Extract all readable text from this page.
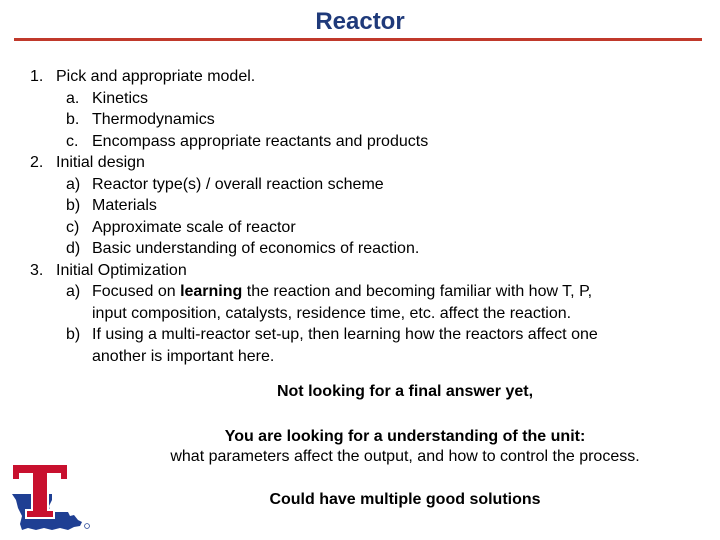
Reactor
1. Pick and appropriate model.
a. Kinetics
b. Thermodynamics
c. Encompass appropriate reactants and products
2. Initial design
a) Reactor type(s) / overall reaction scheme
b) Materials
c) Approximate scale of reactor
d) Basic understanding of economics of reaction.
3. Initial Optimization
a) Focused on learning the reaction and becoming familiar with how T, P,
input composition, catalysts, residence time, etc. affect the reaction.
b) If using a multi-reactor set-up, then learning how the reactors affect one
another is important here.
Not looking for a final answer yet,
You are looking for a understanding of the unit:
what parameters affect the output, and how to control the process.
Could have multiple good solutions
